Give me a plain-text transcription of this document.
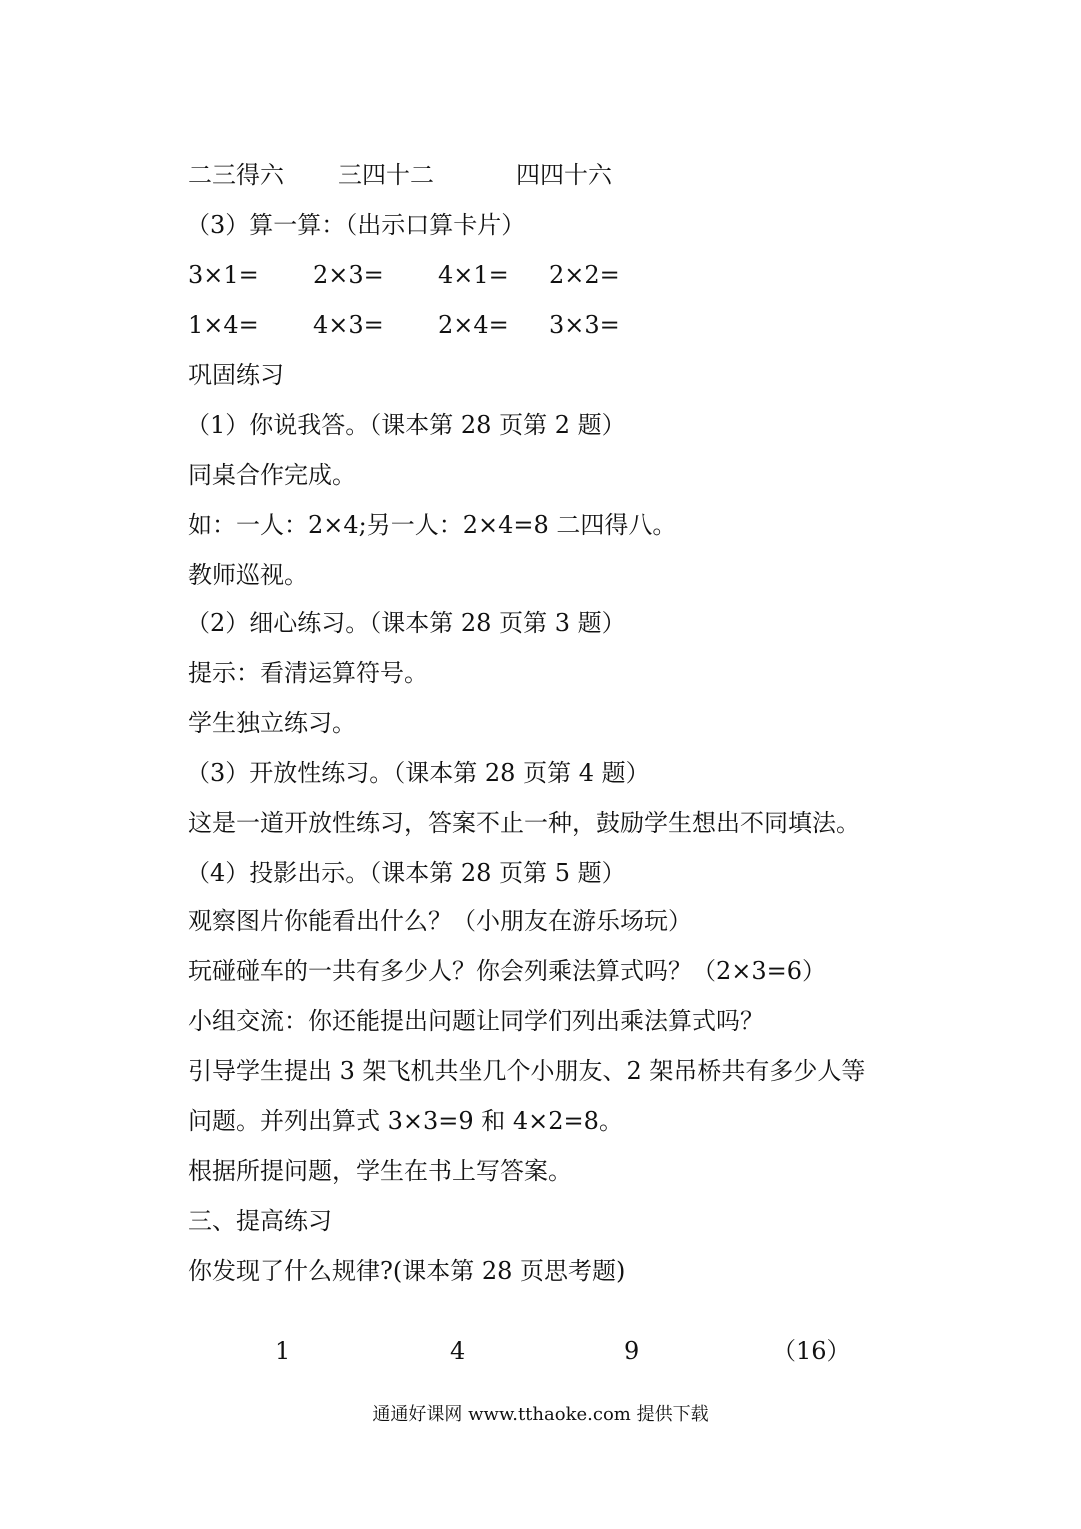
二三得六 三四十二	四四十六
（3）算一算：（出示口算卡片）
3×1= 2×3= 4×1= 2×2=
1×4= 4×3= 2×4= 3×3=
巩固练习
（1）你说我答。（课本第 28 页第 2 题）
同桌合作完成。
如：一人：2×4;另一人：2×4=8 二四得八。
教师巡视。
（2）细心练习。（课本第 28 页第 3 题）
提示：看清运算符号。
学生独立练习。
（3）开放性练习。（课本第 28 页第 4 题）
这是一道开放性练习，答案不止一种，鼓励学生想出不同填法。
（4）投影出示。（课本第 28 页第 5 题）
观察图片你能看出什么？（小朋友在游乐场玩）
玩碰碰车的一共有多少人？你会列乘法算式吗？（2×3=6）
小组交流：你还能提出问题让同学们列出乘法算式吗？
引导学生提出 3 架飞机共坐几个小朋友、2 架吊桥共有多少人等
问题。并列出算式 3×3=9 和 4×2=8。
根据所提问题，学生在书上写答案。
三、提高练习
你发现了什么规律?(课本第 28 页思考题)
1	4	9	（16）
通通好课网 www.tthaoke.com 提供下载
